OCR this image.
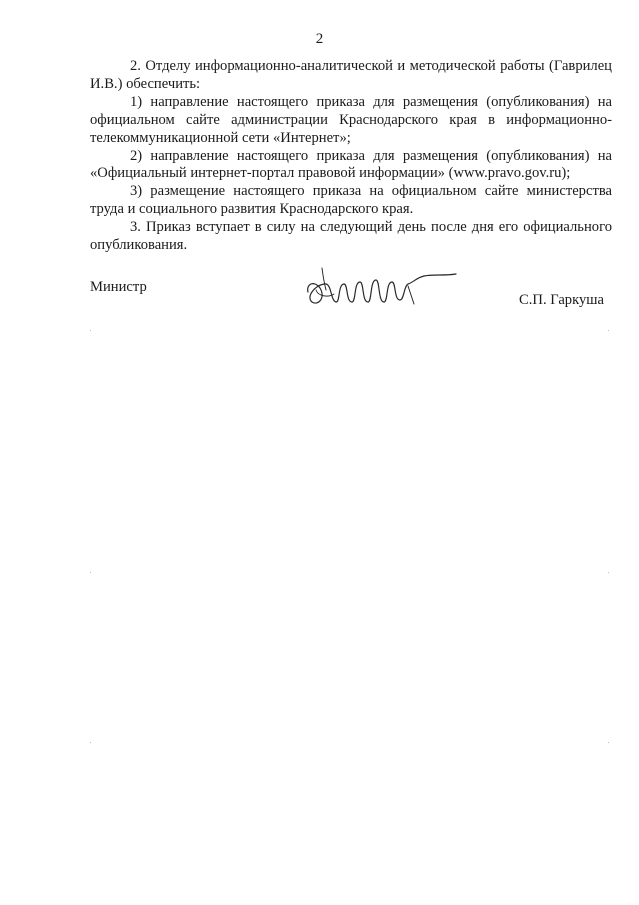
2

2. Отделу информационно-аналитической и методической работы (Гаврилец И.В.) обеспечить:

1) направление настоящего приказа для размещения (опубликования) на официальном сайте администрации Краснодарского края в информационно-телекоммуникационной сети «Интернет»;

2) направление настоящего приказа для размещения (опубликования) на «Официальный интернет-портал правовой информации» (www.pravo.gov.ru);

3) размещение настоящего приказа на официальном сайте министерства труда и социального развития Краснодарского края.

3. Приказ вступает в силу на следующий день после дня его официального опубликования.

Министр
С.П. Гаркуша
